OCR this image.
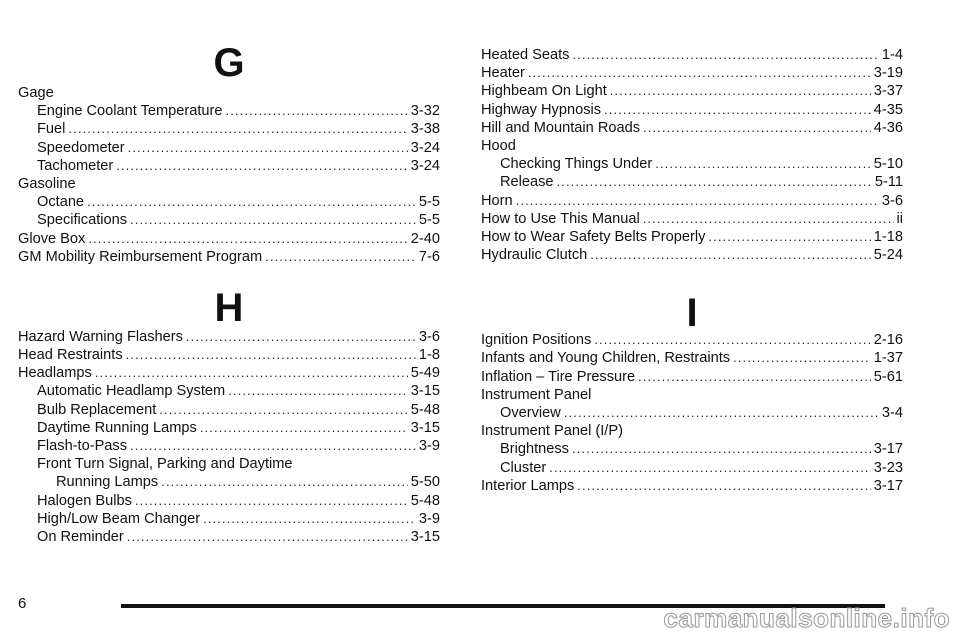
G
Gage
Engine Coolant Temperature .....	3-32
Fuel .....	3-38
Speedometer .....	3-24
Tachometer .....	3-24
Gasoline
Octane .....	5-5
Specifications .....	5-5
Glove Box .....	2-40
GM Mobility Reimbursement Program .....	7-6
H
Hazard Warning Flashers .....	3-6
Head Restraints .....	1-8
Headlamps .....	5-49
Automatic Headlamp System .....	3-15
Bulb Replacement .....	5-48
Daytime Running Lamps .....	3-15
Flash-to-Pass .....	3-9
Front Turn Signal, Parking and Daytime
Running Lamps .....	5-50
Halogen Bulbs .....	5-48
High/Low Beam Changer .....	3-9
On Reminder .....	3-15
Heated Seats .....	1-4
Heater .....	3-19
Highbeam On Light .....	3-37
Highway Hypnosis .....	4-35
Hill and Mountain Roads .....	4-36
Hood
Checking Things Under .....	5-10
Release .....	5-11
Horn .....	3-6
How to Use This Manual .....	ii
How to Wear Safety Belts Properly .....	1-18
Hydraulic Clutch .....	5-24
I
Ignition Positions .....	2-16
Infants and Young Children, Restraints .....	1-37
Inflation – Tire Pressure .....	5-61
Instrument Panel
Overview .....	3-4
Instrument Panel (I/P)
Brightness .....	3-17
Cluster .....	3-23
Interior Lamps .....	3-17
6	carmanualsonline.info
